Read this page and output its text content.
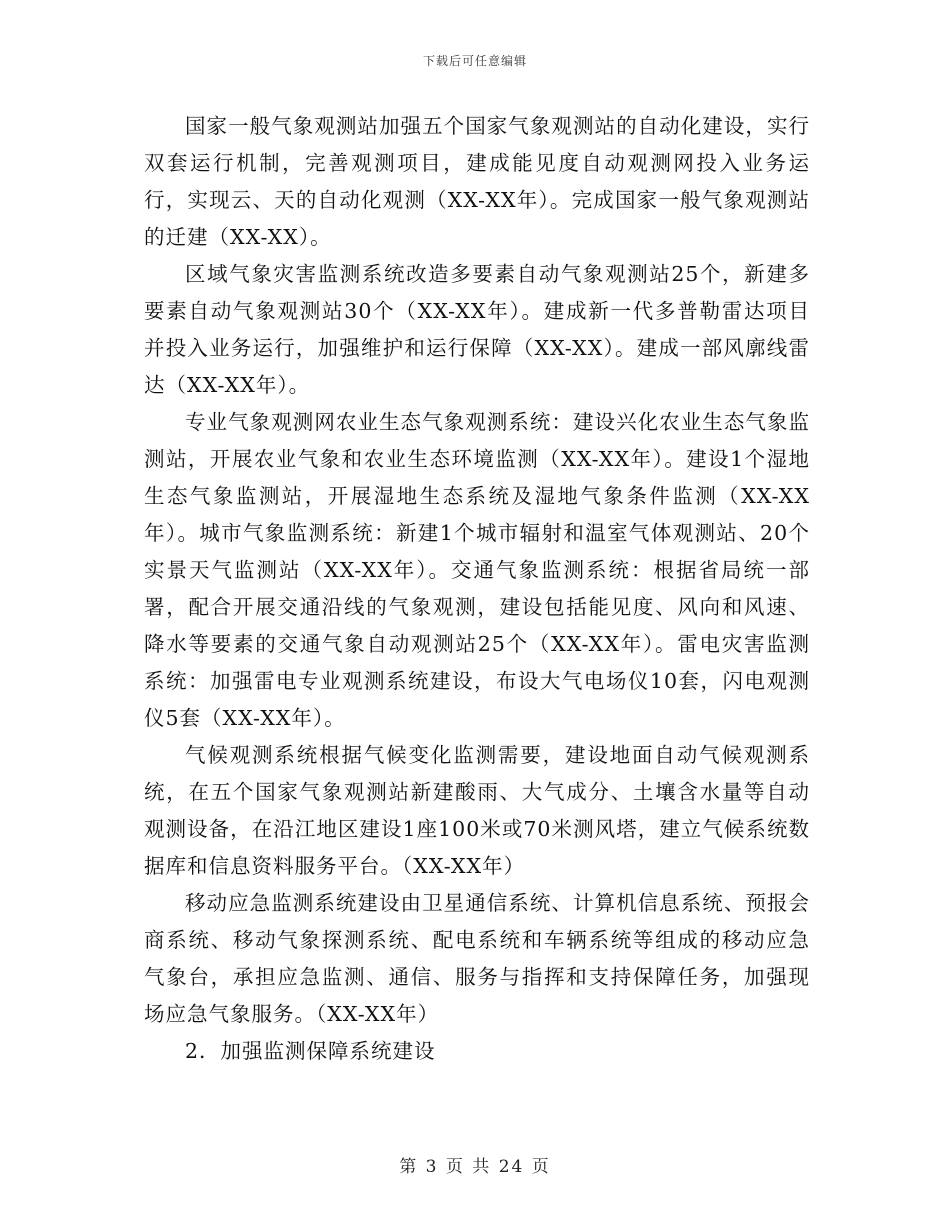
下载后可任意编辑

国家一般气象观测站加强五个国家气象观测站的自动化建设，实行双套运行机制，完善观测项目，建成能见度自动观测网投入业务运行，实现云、天的自动化观测（XX-XX年）。完成国家一般气象观测站的迁建（XX-XX）。

区域气象灾害监测系统改造多要素自动气象观测站25个，新建多要素自动气象观测站30个（XX-XX年）。建成新一代多普勒雷达项目并投入业务运行，加强维护和运行保障（XX-XX）。建成一部风廓线雷达（XX-XX年）。

专业气象观测网农业生态气象观测系统：建设兴化农业生态气象监测站，开展农业气象和农业生态环境监测（XX-XX年）。建设1个湿地生态气象监测站，开展湿地生态系统及湿地气象条件监测（XX-XX年）。城市气象监测系统：新建1个城市辐射和温室气体观测站、20个实景天气监测站（XX-XX年）。交通气象监测系统：根据省局统一部署，配合开展交通沿线的气象观测，建设包括能见度、风向和风速、降水等要素的交通气象自动观测站25个（XX-XX年）。雷电灾害监测系统：加强雷电专业观测系统建设，布设大气电场仪10套，闪电观测仪5套（XX-XX年）。

气候观测系统根据气候变化监测需要，建设地面自动气候观测系统，在五个国家气象观测站新建酸雨、大气成分、土壤含水量等自动观测设备，在沿江地区建设1座100米或70米测风塔，建立气候系统数据库和信息资料服务平台。（XX-XX年）

移动应急监测系统建设由卫星通信系统、计算机信息系统、预报会商系统、移动气象探测系统、配电系统和车辆系统等组成的移动应急气象台，承担应急监测、通信、服务与指挥和支持保障任务，加强现场应急气象服务。（XX-XX年）

2．加强监测保障系统建设

第 3 页 共 24 页
